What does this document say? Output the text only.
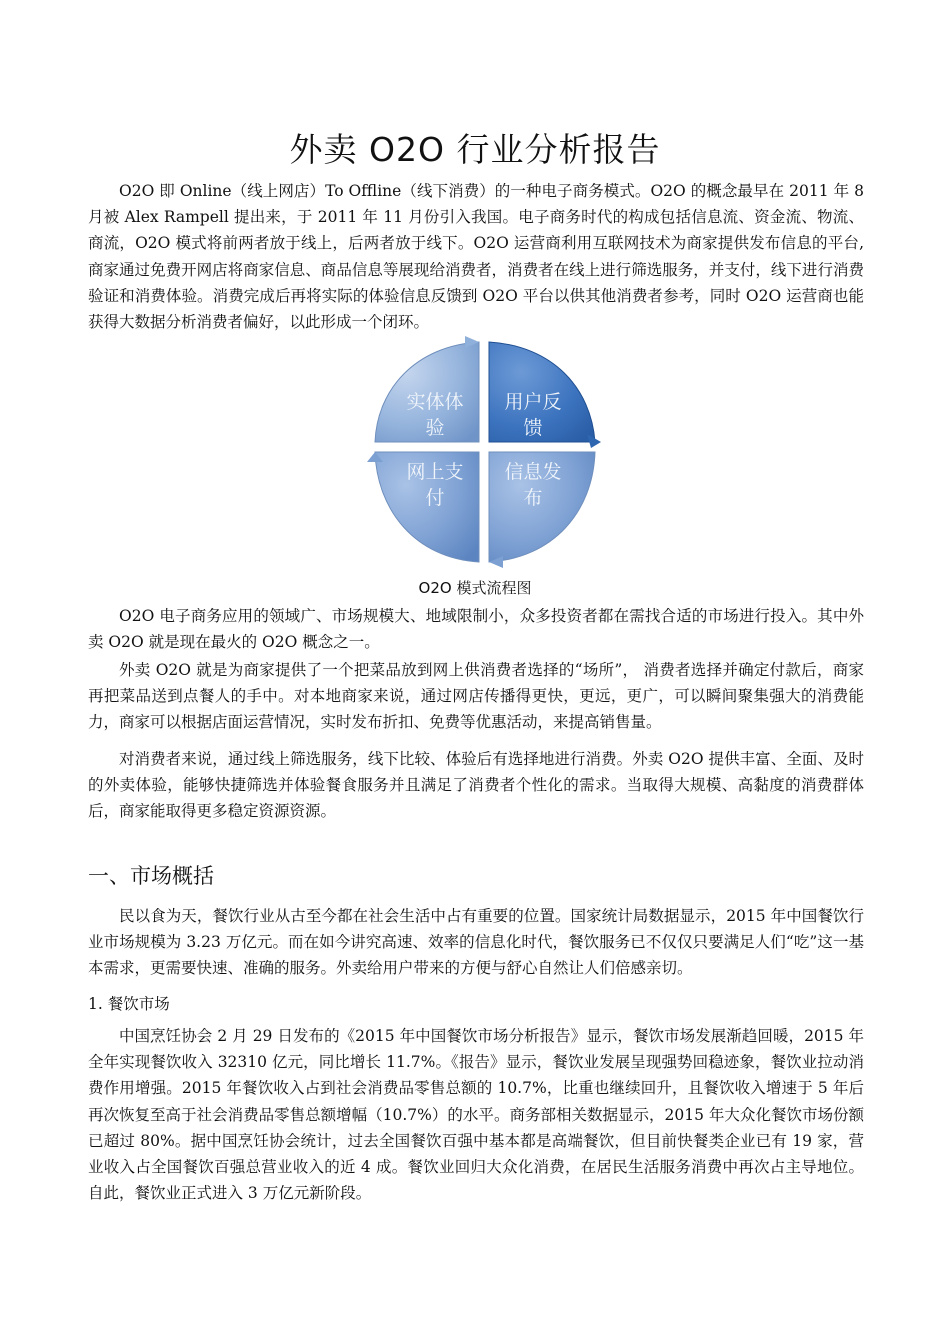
外卖 O2O 行业分析报告

O2O 即 Online（线上网店）To Offline（线下消费）的一种电子商务模式。O2O 的概念最早在 2011 年 8 月被 Alex Rampell 提出来，于 2011 年 11 月份引入我国。电子商务时代的构成包括信息流、资金流、物流、商流，O2O 模式将前两者放于线上，后两者放于线下。O2O 运营商利用互联网技术为商家提供发布信息的平台, 商家通过免费开网店将商家信息、商品信息等展现给消费者，消费者在线上进行筛选服务，并支付，线下进行消费验证和消费体验。消费完成后再将实际的体验信息反馈到 O2O 平台以供其他消费者参考，同时 O2O 运营商也能获得大数据分析消费者偏好，以此形成一个闭环。

实体体
验
用户反
馈
网上支
付
信息发
布
O2O 模式流程图

O2O 电子商务应用的领域广、市场规模大、地域限制小，众多投资者都在需找合适的市场进行投入。其中外卖 O2O 就是现在最火的 O2O 概念之一。

外卖 O2O 就是为商家提供了一个把菜品放到网上供消费者选择的“场所”， 消费者选择并确定付款后，商家再把菜品送到点餐人的手中。对本地商家来说，通过网店传播得更快，更远，更广，可以瞬间聚集强大的消费能力，商家可以根据店面运营情况，实时发布折扣、免费等优惠活动，来提高销售量。

对消费者来说，通过线上筛选服务，线下比较、体验后有选择地进行消费。外卖 O2O 提供丰富、全面、及时的外卖体验，能够快捷筛选并体验餐食服务并且满足了消费者个性化的需求。当取得大规模、高黏度的消费群体后，商家能取得更多稳定资源资源。

一、市场概括

民以食为天，餐饮行业从古至今都在社会生活中占有重要的位置。国家统计局数据显示，2015 年中国餐饮行业市场规模为 3.23 万亿元。而在如今讲究高速、效率的信息化时代，餐饮服务已不仅仅只要满足人们“吃”这一基本需求，更需要快速、准确的服务。外卖给用户带来的方便与舒心自然让人们倍感亲切。

1. 餐饮市场

中国烹饪协会 2 月 29 日发布的《2015 年中国餐饮市场分析报告》显示，餐饮市场发展渐趋回暖，2015 年全年实现餐饮收入 32310 亿元，同比增长 11.7%。《报告》显示，餐饮业发展呈现强势回稳迹象，餐饮业拉动消费作用增强。2015 年餐饮收入占到社会消费品零售总额的 10.7%，比重也继续回升，且餐饮收入增速于 5 年后再次恢复至高于社会消费品零售总额增幅（10.7%）的水平。商务部相关数据显示，2015 年大众化餐饮市场份额已超过 80%。据中国烹饪协会统计，过去全国餐饮百强中基本都是高端餐饮，但目前快餐类企业已有 19 家，营业收入占全国餐饮百强总营业收入的近 4 成。餐饮业回归大众化消费，在居民生活服务消费中再次占主导地位。自此，餐饮业正式进入 3 万亿元新阶段。
